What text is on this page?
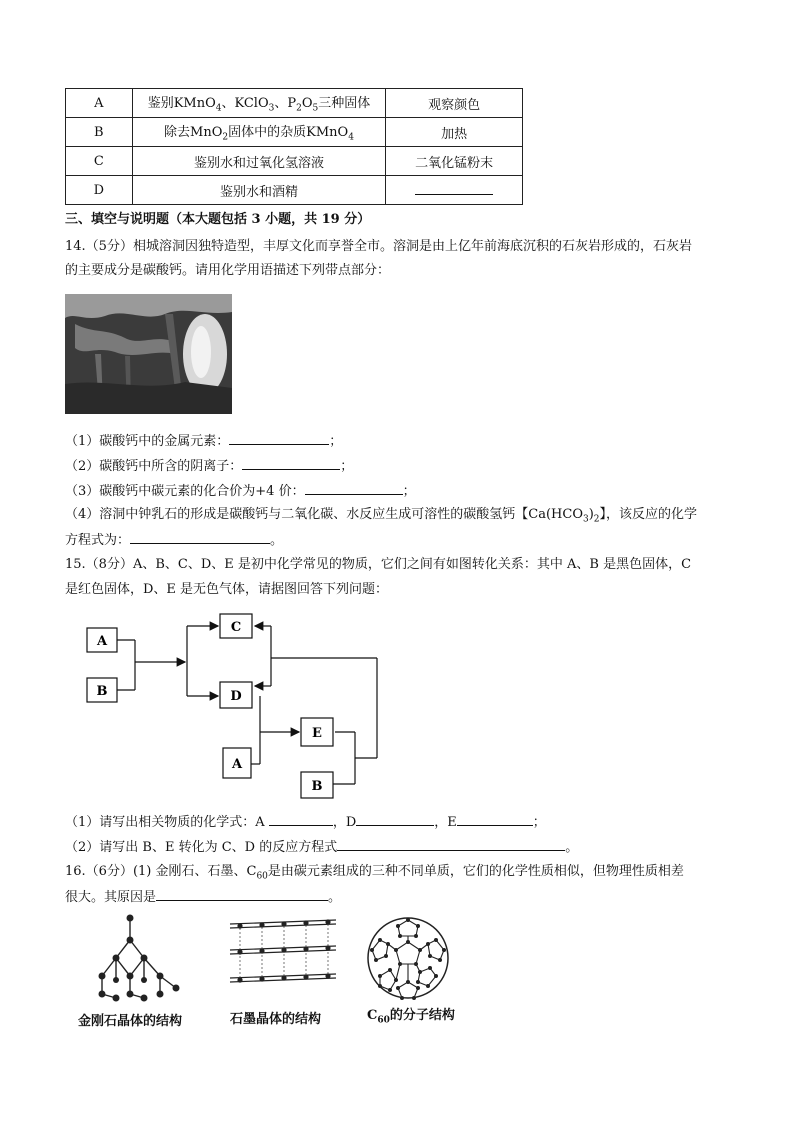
A	鉴别KMnO$_4$、KClO$_3$、$P_2O_5$三种固体	观察颜色
B	除去MnO$_2$固体中的杂质KMnO$_4$	加热
C	鉴别水和过氧化氢溶液	二氧化锰粉末
D	鉴别水和酒精	
三、填空与说明题（本大题包括 3 小题，共 19 分）
14.（5分）相城溶洞因独特造型，丰厚文化而享誉全市。溶洞是由上亿年前海底沉积的石灰岩形成的，石灰岩
的主要成分是碳酸钙。请用化学用语描述下列带点部分：
（1）碳酸钙中的金属元素：	；
（2）碳酸钙中所含的阴离子：	；
（3）碳酸钙中碳元素的化合价为+4 价：	；
（4）溶洞中钟乳石的形成是碳酸钙与二氧化碳、水反应生成可溶性的碳酸氢钙【$Ca(HCO_3)_2$】，该反应的化学
方程式为：	。
15.（8分）A、B、C、D、E 是初中化学常见的物质，它们之间有如图转化关系：其中 A、B 是黑色固体，C
是红色固体，D、E 是无色气体，请据图回答下列问题：
A
B
C
D
E
A
B
（1）请写出相关物质的化学式：A	，D	，E	；
（2）请写出 B、E 转化为 C、D 的反应方程式	。
16.（6分）(1) 金刚石、石墨、$C_{60}$是由碳元素组成的三种不同单质，它们的化学性质相似，但物理性质相差
很大。其原因是	。
金刚石晶体的结构	石墨晶体的结构	$C_{60}$的分子结构
